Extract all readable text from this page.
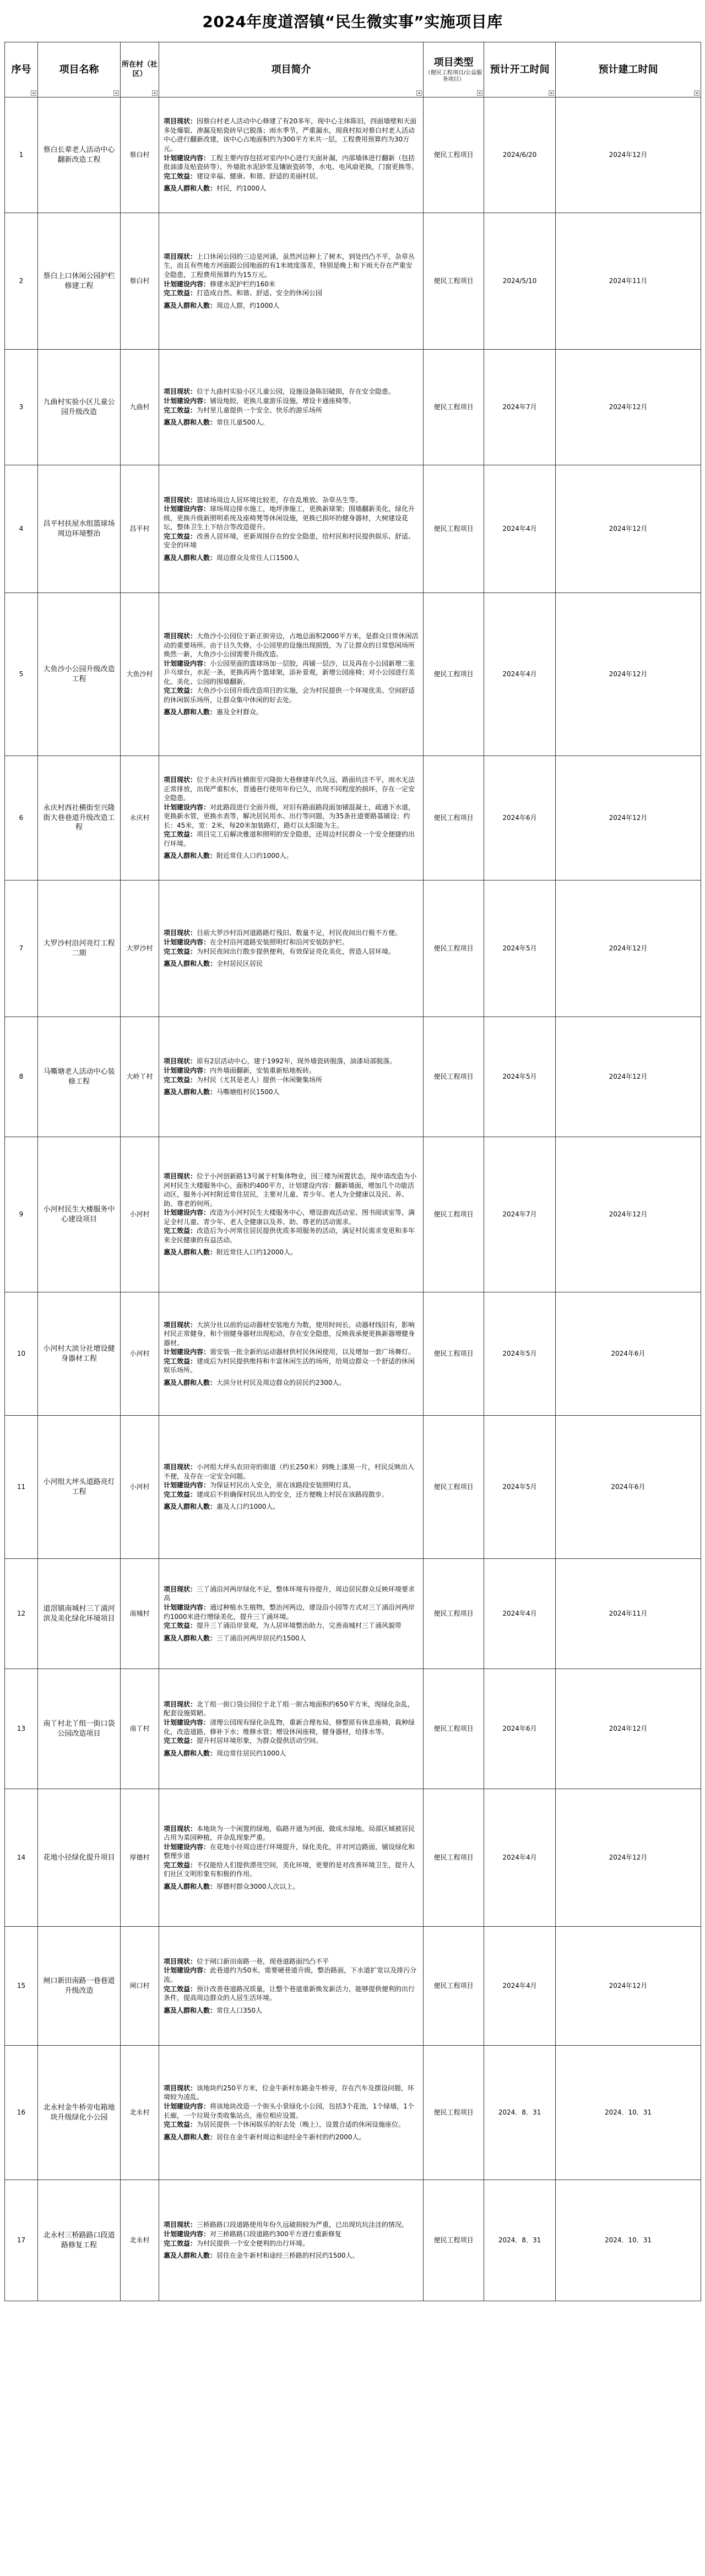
2024年度道滘镇“民生微实事”实施项目库
序号	项目名称	所在村（社区）	项目简介	项目类型
（便民工程项目/公益服务项目）	预计开工时间	预计建工时间

1	蔡白长辈老人活动中心翻新改造工程	蔡白村	项目现状：因蔡白村老人活动中心修建了有20多年，现中心主体陈旧，四面墙壁和天面多处爆裂、渗漏及贴瓷砖早已脱落；雨水季节，严重漏水，现我村拟对蔡白村老人活动中心进行翻新改建，该中心占地面积约为300平方米共一层，工程费用预算约为30万元。

计划建设内容：工程主要内容包括对室内中心进行天面补漏，内部墙体进行翻新（包括批油漆及贴瓷砖等），外墙批水泥砂浆及镶嵌瓷砖等，水电、电风扇更换，门窗更换等。

完工效益：建设幸福、健康、和谐、舒适的美丽村居。

惠及人群和人数：村民，约1000人	便民工程项目	2024/6/20	2024年12月
2	蔡白上口休闲公园护栏修建工程	蔡白村	项目现状：上口休闲公园的三边是河涌，虽然河边种上了树木，到处凹凸不平，杂草丛生，而且有些地方河面跟公园地面的有1米坡度落差，特别是晚上和下雨天存在严重安全隐患，工程费用预算约为15万元。

计划建设内容：修建水泥护栏约160米

完工效益：打造成自然、和谐、舒适、安全的休闲公园

惠及人群和人数：周边人群，约1000人	便民工程项目	2024/5/10	2024年11月
3	九曲村实验小区儿童公园升级改造	九曲村	项目现状：位于九曲村实验小区儿童公园，设施设备陈旧破损，存在安全隐患。

计划建设内容：铺设地胶，更换儿童游乐设施，增设卡通座椅等。

完工效益：为村里儿童提供一个安全、快乐的游乐场所

惠及人群和人数：常住儿童500人。	便民工程项目	2024年7月	2024年12月
4	昌平村扶屋水组篮球场周边环境整治	昌平村	项目现状：篮球场周边人居环境比较差，存在乱堆放、杂草丛生等。

计划建设内容：球场周边排水施工，地坪渗施工，更换新球架；围墙翻新美化，绿化升级，更换升级新照明系统及座椅凳等休闲设施，更换已损坏的健身器材，大树建设花坛，整体卫生上下结合等改造提升。

完工效益：改善人居环境，更新周围存在的安全隐患，给村民和村民提供娱乐、舒适、安全的环境

惠及人群和人数：周边群众及常住人口1500人	便民工程项目	2024年4月	2024年12月
5	大鱼沙小公园升级改造工程	大鱼沙村	项目现状：大鱼沙小公园位于新正街旁边，占地总面积2000平方米，是群众日常休闲活动的重要场所。由于日久失修，小公园里的设施出现损毁，为了让群众的日常悠闲场所焕然一新，大鱼沙小公园需要升级改造。

计划建设内容：小公园里面的篮球场加一层胶，再铺一层沙，以及再在小公园新增二张乒乓球台，水泥一条，更换再两个篮球架，添补景观，新增公园座椅；对小公园进行美化、美化、公园的围墙翻新。

完工效益：大鱼沙小公园升级改造项目的实施，会为村民提供一个环境优美、空间舒适的休闲娱乐场所，让群众集中休闲的好去处。

惠及人群和人数：惠及全村群众。	便民工程项目	2024年4月	2024年12月
6	永庆村西社横街至兴隆街大巷巷道升级改造工程	永庆村	项目现状：位于永庆村西社横街至兴隆街大巷修建年代久远，路面坑洼不平，雨水无法正常排放，出现严重积水，晋通巷行使用年份已久，出现不同程度的损坏，存在一定安全隐患。

计划建设内容：对此路段进行全面升级，对旧有路面路段面加铺混凝土，疏通下水道，更换新水管，更换水表等，解决居民用水、出行等问题，为35条社道要路基铺设；约长：45米，宽：2米，每20米加装路灯，路灯以太阳能为主。

完工效益：项目完工后解决雅道和照明的安全隐患，还周边村民群众一个安全便捷的出行环境。

惠及人群和人数：附近常住人口约1000人。	便民工程项目	2024年6月	2024年12月
7	大罗沙村沿河亮灯工程二期	大罗沙村	项目现状：目前大罗沙村沿河道路路灯残旧、数量不足，村民夜间出行极不方便。

计划建设内容：在全村沿河道路安装照明灯和沿河安装防护栏。

完工效益：为村民夜间出行散步提供便利，有效保证亮化美化，营造人居环境。

惠及人群和人数：全村居民区居民	便民工程项目	2024年5月	2024年12月
8	马嘶塘老人活动中心装修工程	大岭丫村	项目现状：原有2层活动中心，建于1992年，现外墙瓷砖脱落，油漆局部脱落。

计划建设内容：内外墙面翻新，安装重新贴地板砖。

完工效益：为村民（尤其是老人）提供一休闲聚集场所

惠及人群和人数：马嘶塘组村民1500人	便民工程项目	2024年5月	2024年12月
9	小河村民生大楼服务中心建设项目	小河村	项目现状：位于小河创新路13号属于村集体物业，因三楼为闲置状态，现申请改造为小河村民生大楼服务中心，面积约400平方，计划建设内容：翻新墙面，增加几个功能活动区，服务小河村附近常住居民，主要对儿童、青少年、老人为全健康以及民、养、助、尊老的何所。

计划建设内容：改造为小河村民生大楼服务中心，增设游戏活动室、图书阅读室等，满足全村儿童、青少年、老人全健康以及养、助、尊老的活动需求。

完工效益：改造后为小河常住居民提供优质多项服务的活动，满足村民需求变更和多年来全民健康的有益活动。

惠及人群和人数：附近常住人口约12000人。	便民工程项目	2024年7月	2024年12月
10	小河村大滨分社增设健身器材工程	小河村	项目现状：大滨分社以前的运动器材安装地方为数，使用时间长，动器材线旧有，影响村民正常健身，和个别健身器材出现松动，存在安全隐患，反映我承便更换新器增健身器材。

计划建设内容：需安装一批全新的运动器材供村民休闲使用，以及增加一套广场舞灯。

完工效益：建成后为村民提供维持和丰富休闲生活的场所，给周边群众一个舒适的休闲娱乐场所。

惠及人群和人数：大滨分社村民及周边群众的居民约2300人。	便民工程项目	2024年5月	2024年6月
11	小河组大坪头道路亮灯工程	小河村	项目现状：小河组大坪头农田旁的街道（约长250米）到晚上漆黑一片，村民反映出入不便，及存在一定安全问题。

计划建设内容：为保证村民出入安全，须在该路段安装照明灯具。

完工效益：建成后不但确保村民出入的安全，还方便晚上村民在该路段散步。

惠及人群和人数：惠及人口约1000人。	便民工程项目	2024年5月	2024年6月
12	道滘镇南城村三丫涌河滨及美化绿化环境项目	南城村	项目现状：三丫涌沿河两岸绿化不足，整体环境有待提升，周边居民群众反映环境要求高

计划建设内容：通过种植水生植物，整治河两边，建设沿小园等方式对三丫涌沿河两岸约1000米进行增绿美化，提升三丫涌环境。

完工效益：提升三丫涌沿岸景观，为人居环境整治助力，完善南城村三丫涌风貌带

惠及人群和人数：三丫涌沿河两岸居民约1500人	便民工程项目	2024年4月	2024年11月
13	南丫村北丫组一街口袋公园改造项目	南丫村	项目现状：北丫组一街口袋公园位于北丫组一街古地面积约650平方米，现绿化杂乱，配套设施简陋。

计划建设内容：清理公园现有绿化杂乱物，重新合理布局，修整原有休息座椅，栽种绿化，改造道路，修补下水；维修水管；增设休闲座椅，健身器材，给排水等。

完工效益：提升村居环境形象，为群众提供活动空间。

惠及人群和人数：周边常住居民约1000人	便民工程项目	2024年6月	2024年12月
14	花地小径绿化提升项目	厚德村	项目现状：本地块为一个闲置的绿地，临路开通为河面，做成水绿地、局部区域被居民占用为菜园种植，并杂乱现象严重。

计划建设内容：在花地小径周边进行环境提升，绿化美化，并对河边路面，铺设绿化和整理步道

完工效益：不仅能给人们提供漂亮空间，美化环境，更要的是对改善环境卫生，提升人们社区文明形象有积极的作用。

惠及人群和人数：厚德村群众3000人次以上。	便民工程项目	2024年4月	2024年12月
15	闸口新田南路一巷巷道升级改造	闸口村	项目现状：位于闸口新田南路一巷，现巷道路面凹凸不平

计划建设内容：此巷道约为50米，需要硬巷道升级，整治路面，下水道扩宽以及排污分流。

完工效益：预计改善巷道路况质量，让整个巷道重新焕发新活力，能够提供便利的出行条件，提高周边群众的人居生活环境。

惠及人群和人数：常住人口350人	便民工程项目	2024年4月	2024年12月
16	北永村金牛桥旁电箱地块升级绿化小公园	北永村	项目现状：该地块约250平方米，位金牛新村东路金牛桥旁，存在汽车及摆设问题，环境较为凌乱。

计划建设内容：将该地块改造一个街头小景绿化小公园，包括3个花池，1个绿墙，1个长廊，一个垃圾分类收集站点，座位相应设置。

完工效益：为居民提供一个休闲娱乐的好去处（晚上），设置合适的休闲设施座位。

惠及人群和人数：居住在金牛新村周边和途经金牛新村的约2000人。	便民工程项目	2024．8．31	2024．10．31
17	北永村三桥路路口段道路修复工程	北永村	项目现状：三桥路路口段道路使用年份久远破损较为严重，已出现坑坑洼洼的情况。

计划建设内容：对三桥路路口段道路约300平方进行重新修复

完工效益：为村民提供一个安全便利的出行环境。

惠及人群和人数：居住在金牛新村和途经三桥路的村民约1500人。	便民工程项目	2024．8．31	2024．10．31
